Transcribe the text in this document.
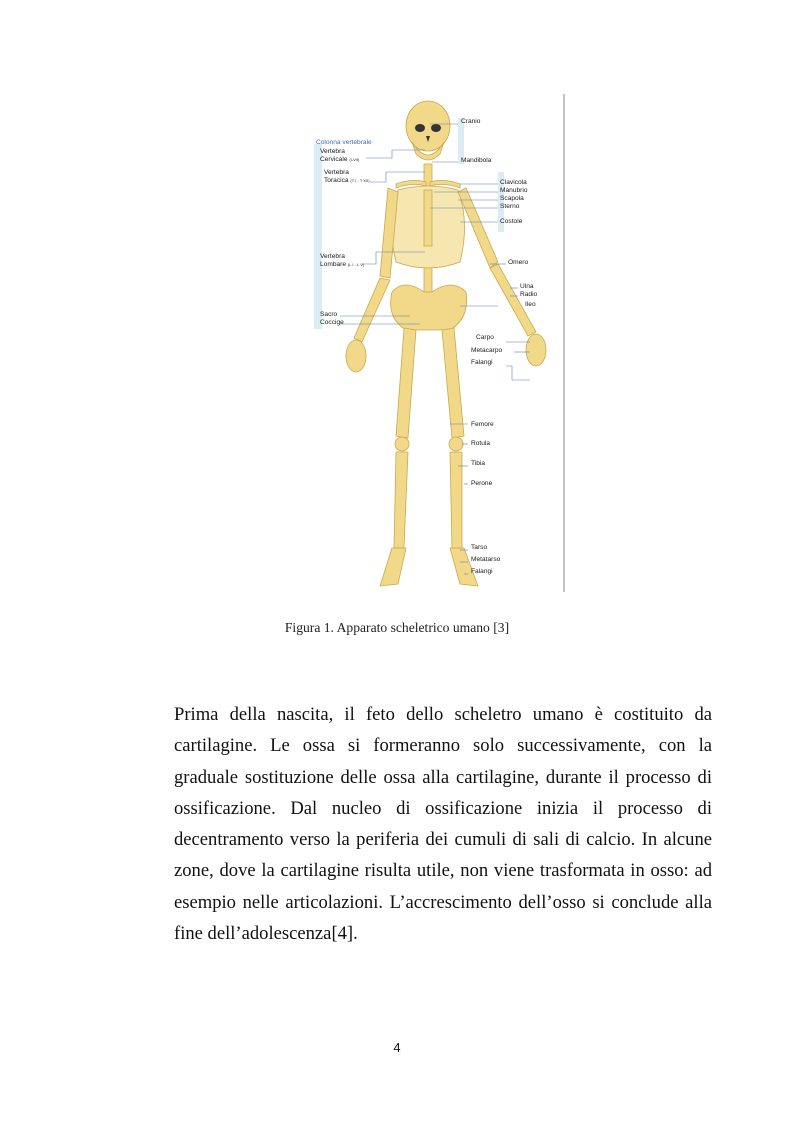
Cranio
Colonna vertebrale
Vertebra
Cervicale (I-VII)	Mandibola
Vertebra
Toracica (T I - T XII)	Clavicola
Manubrio
Scapola
Sterno
Costole
Vertebra
Lombare (L I - L V)	Omero
Ulna
Radio
Ileo
Sacro
Coccige
Carpo
Metacarpo
Falangi
Femore
Rotula
Tibia
Perone
Tarso
Metatarso
Falangi
Figura 1. Apparato scheletrico umano [3]

Prima della nascita, il feto dello scheletro umano è costituito da cartilagine. Le ossa si formeranno solo successivamente, con la graduale sostituzione delle ossa alla cartilagine, durante il processo di ossificazione. Dal nucleo di ossificazione inizia il processo di decentramento verso la periferia dei cumuli di sali di calcio. In alcune zone, dove la cartilagine risulta utile, non viene trasformata in osso: ad esempio nelle articolazioni. L’accrescimento dell’osso si conclude alla fine dell’adolescenza[4].

4
